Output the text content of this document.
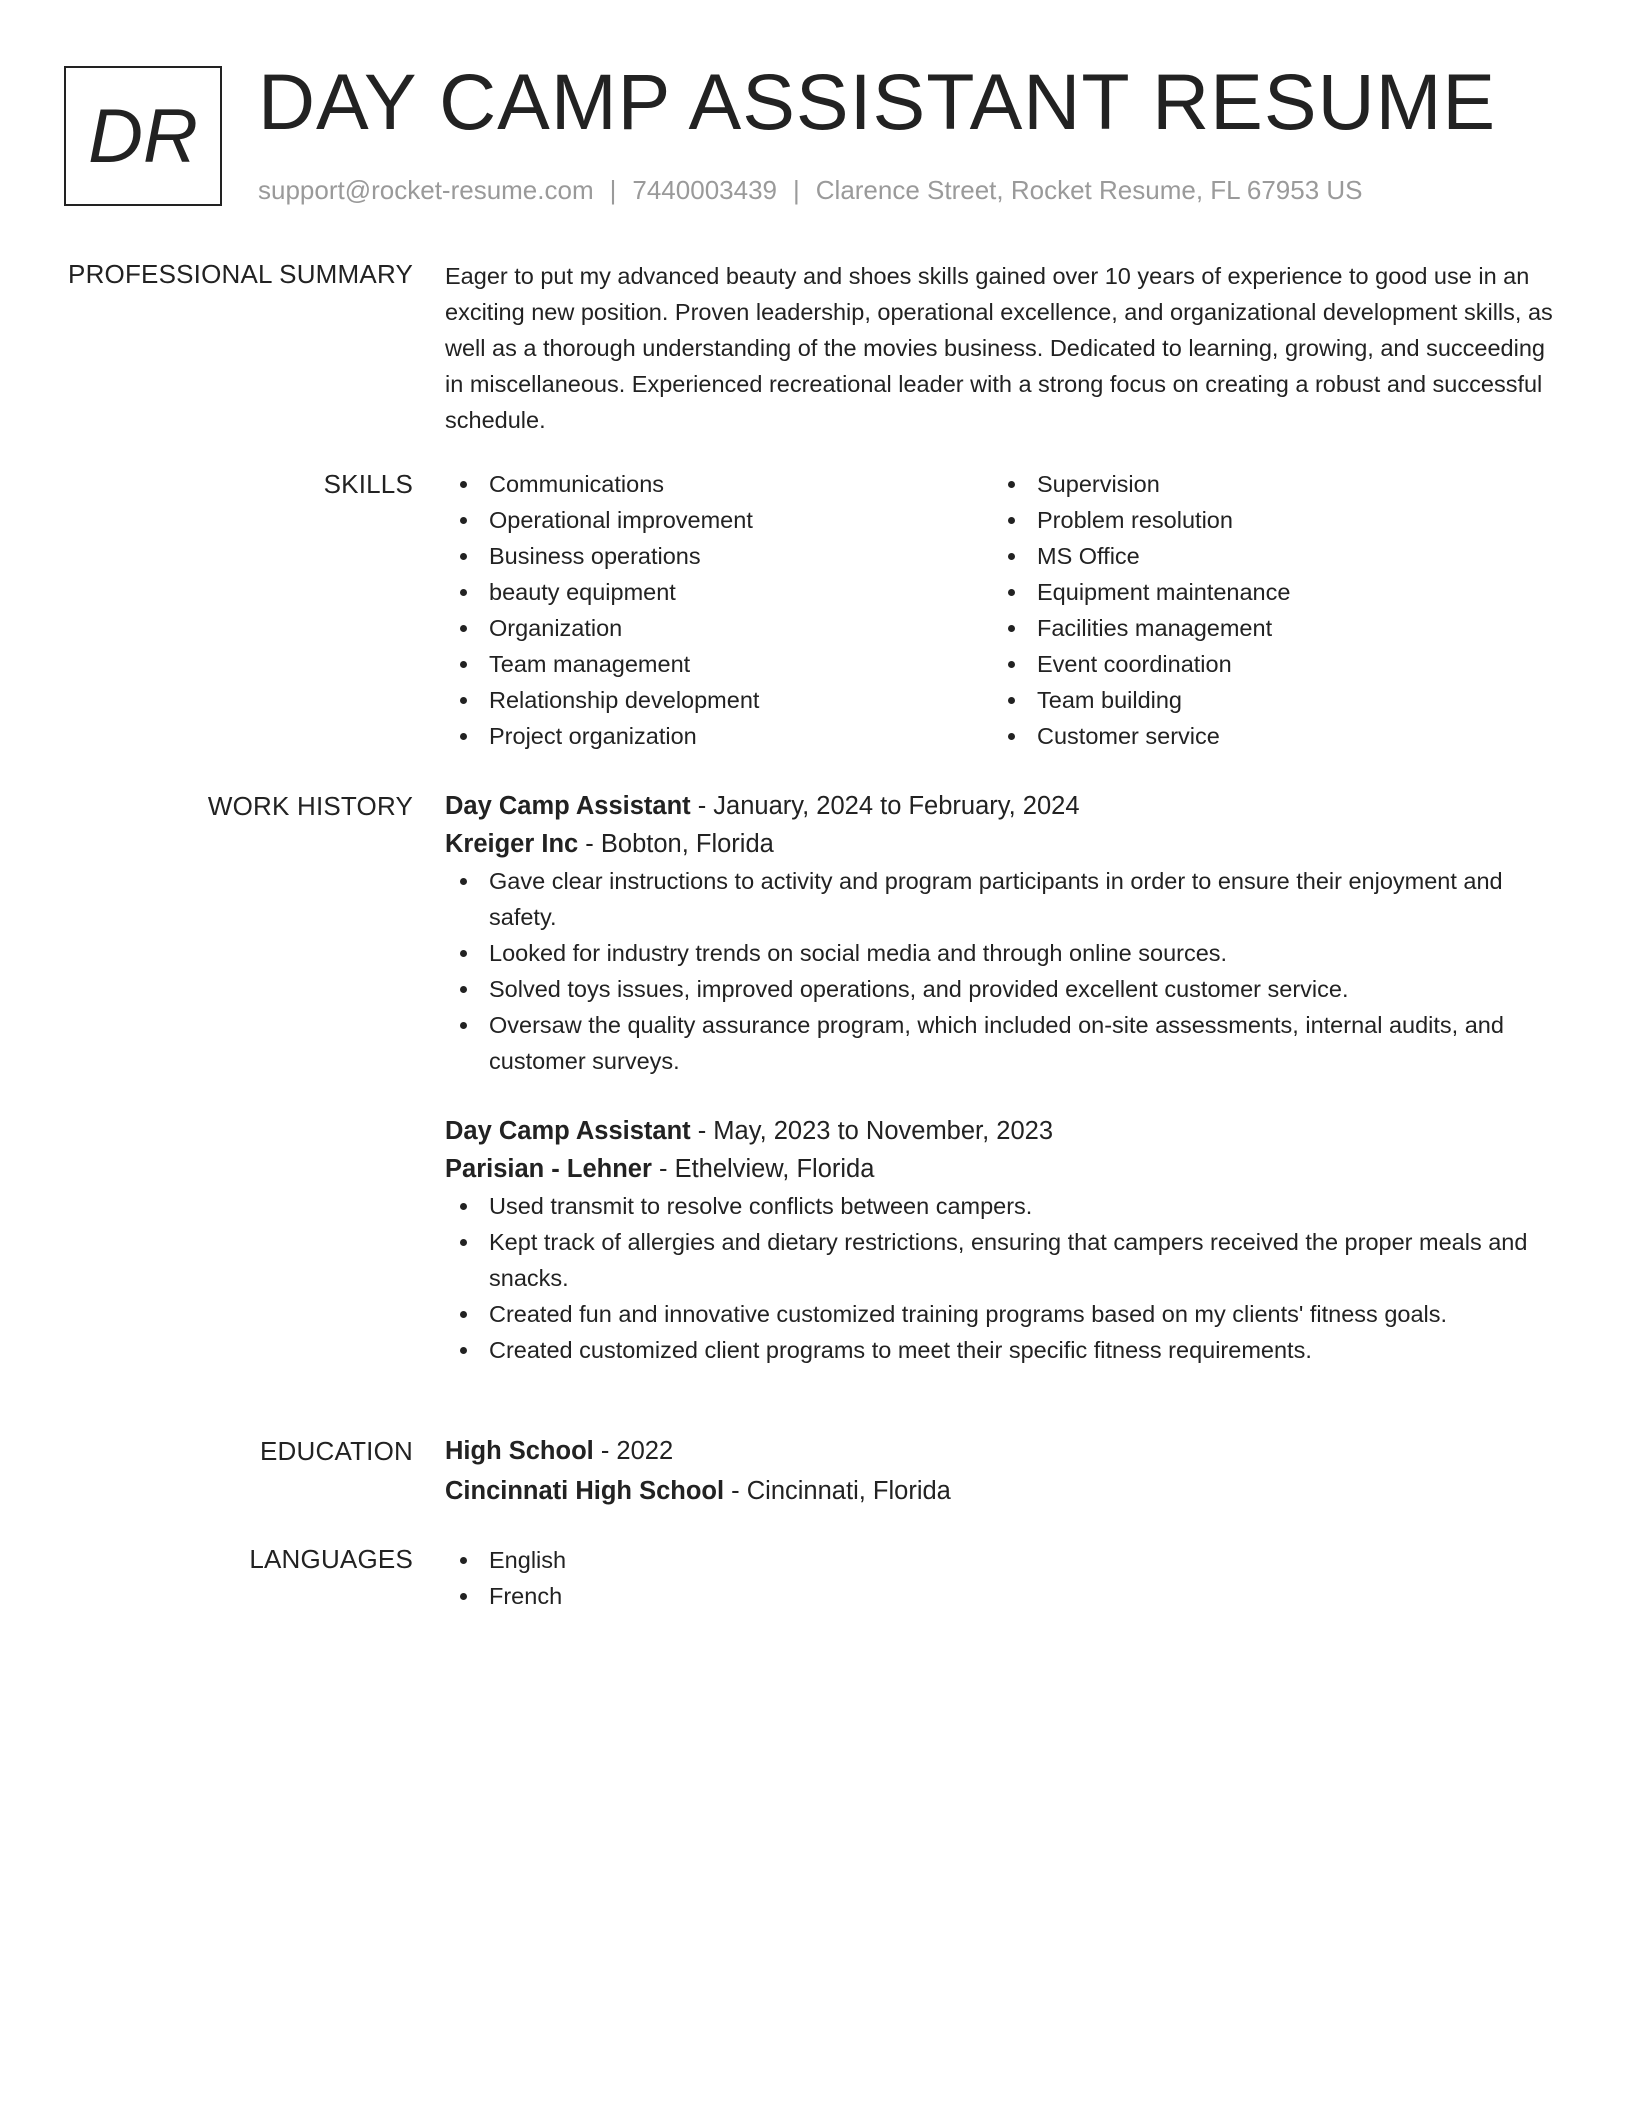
DR DAY CAMP ASSISTANT RESUME
support@rocket-resume.com | 7440003439 | Clarence Street, Rocket Resume, FL 67953 US
PROFESSIONAL SUMMARY Eager to put my advanced beauty and shoes skills gained over 10 years of experience to good use in an exciting new position. Proven leadership, operational excellence, and organizational development skills, as well as a thorough understanding of the movies business. Dedicated to learning, growing, and succeeding in miscellaneous. Experienced recreational leader with a strong focus on creating a robust and successful schedule.

SKILLS	Communications
Operational improvement
Business operations
beauty equipment
Organization
Team management
Relationship development
Project organization
Supervision
Problem resolution
MS Office
Equipment maintenance
Facilities management
Event coordination
Team building
Customer service
WORK HISTORY Day Camp Assistant - January, 2024 to February, 2024

Kreiger Inc - Bobton, Florida

Gave clear instructions to activity and program participants in order to ensure their enjoyment and safety.
Looked for industry trends on social media and through online sources.
Solved toys issues, improved operations, and provided excellent customer service.
Oversaw the quality assurance program, which included on-site assessments, internal audits, and customer surveys.

Day Camp Assistant - May, 2023 to November, 2023

Parisian - Lehner - Ethelview, Florida

Used transmit to resolve conflicts between campers.
Kept track of allergies and dietary restrictions, ensuring that campers received the proper meals and snacks.
Created fun and innovative customized training programs based on my clients' fitness goals.
Created customized client programs to meet their specific fitness requirements.
EDUCATION High School - 2022

Cincinnati High School - Cincinnati, Florida

LANGUAGES	English
French
